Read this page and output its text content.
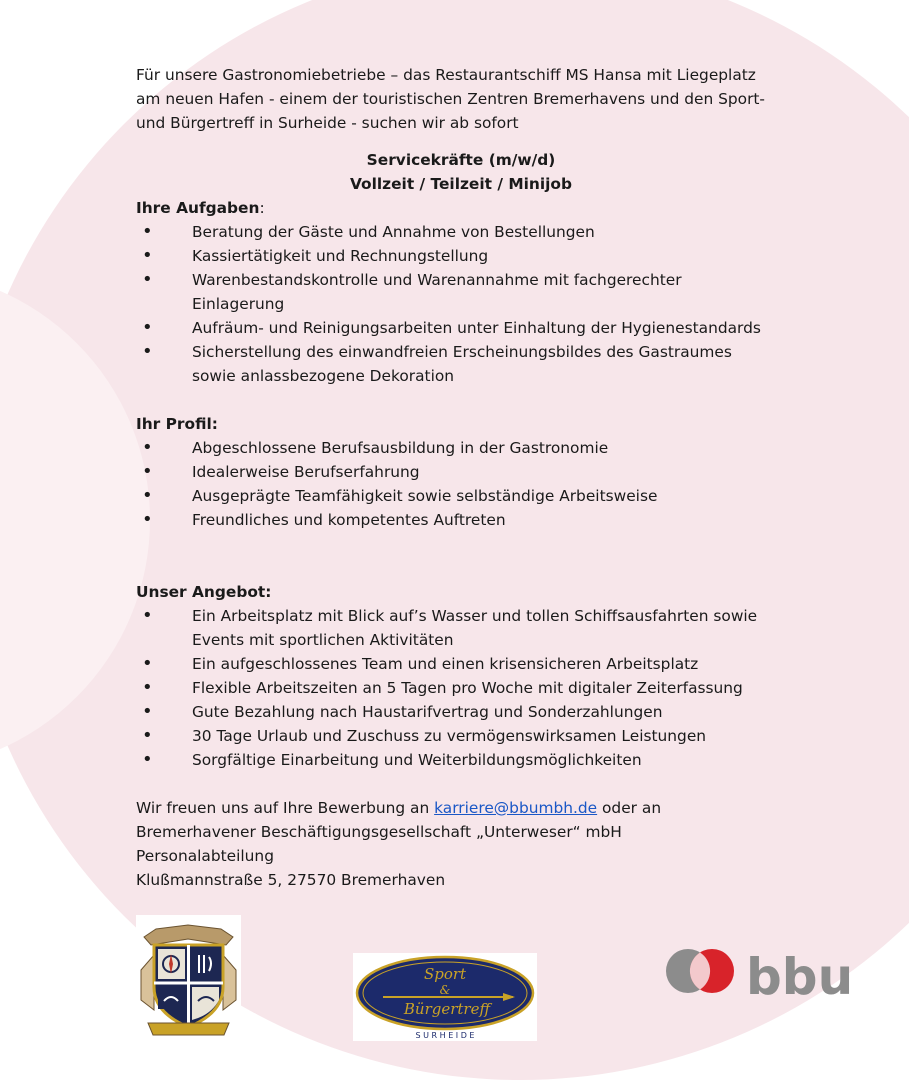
Für unsere Gastronomiebetriebe – das Restaurantschiff MS Hansa mit Liegeplatz

am neuen Hafen - einem der touristischen Zentren Bremerhavens und den Sport-

und Bürgertreff in Surheide - suchen wir ab sofort

Servicekräfte (m/w/d)
Vollzeit / Teilzeit / Minijob

Ihre Aufgaben:

• Beratung der Gäste und Annahme von Bestellungen
• Kassiertätigkeit und Rechnungstellung
• Warenbestandskontrolle und Warenannahme mit fachgerechter Einlagerung
• Aufräum- und Reinigungsarbeiten unter Einhaltung der Hygienestandards
• Sicherstellung des einwandfreien Erscheinungsbildes des Gastraumes sowie anlassbezogene Dekoration

Ihr Profil:

• Abgeschlossene Berufsausbildung in der Gastronomie
• Idealerweise Berufserfahrung
• Ausgeprägte Teamfähigkeit sowie selbständige Arbeitsweise
• Freundliches und kompetentes Auftreten

Unser Angebot:

• Ein Arbeitsplatz mit Blick auf’s Wasser und tollen Schiffsausfahrten sowie Events mit sportlichen Aktivitäten
• Ein aufgeschlossenes Team und einen krisensicheren Arbeitsplatz
• Flexible Arbeitszeiten an 5 Tagen pro Woche mit digitaler Zeiterfassung
• Gute Bezahlung nach Haustarifvertrag und Sonderzahlungen
• 30 Tage Urlaub und Zuschuss zu vermögenswirksamen Leistungen
• Sorgfältige Einarbeitung und Weiterbildungsmöglichkeiten

Wir freuen uns auf Ihre Bewerbung an karriere@bbumbh.de oder an

Bremerhavener Beschäftigungsgesellschaft „Unterweser“ mbH

Personalabteilung

Klußmannstraße 5, 27570 Bremerhaven

Sport
&
Bürgertreff
S U R H E I D E
bbu
